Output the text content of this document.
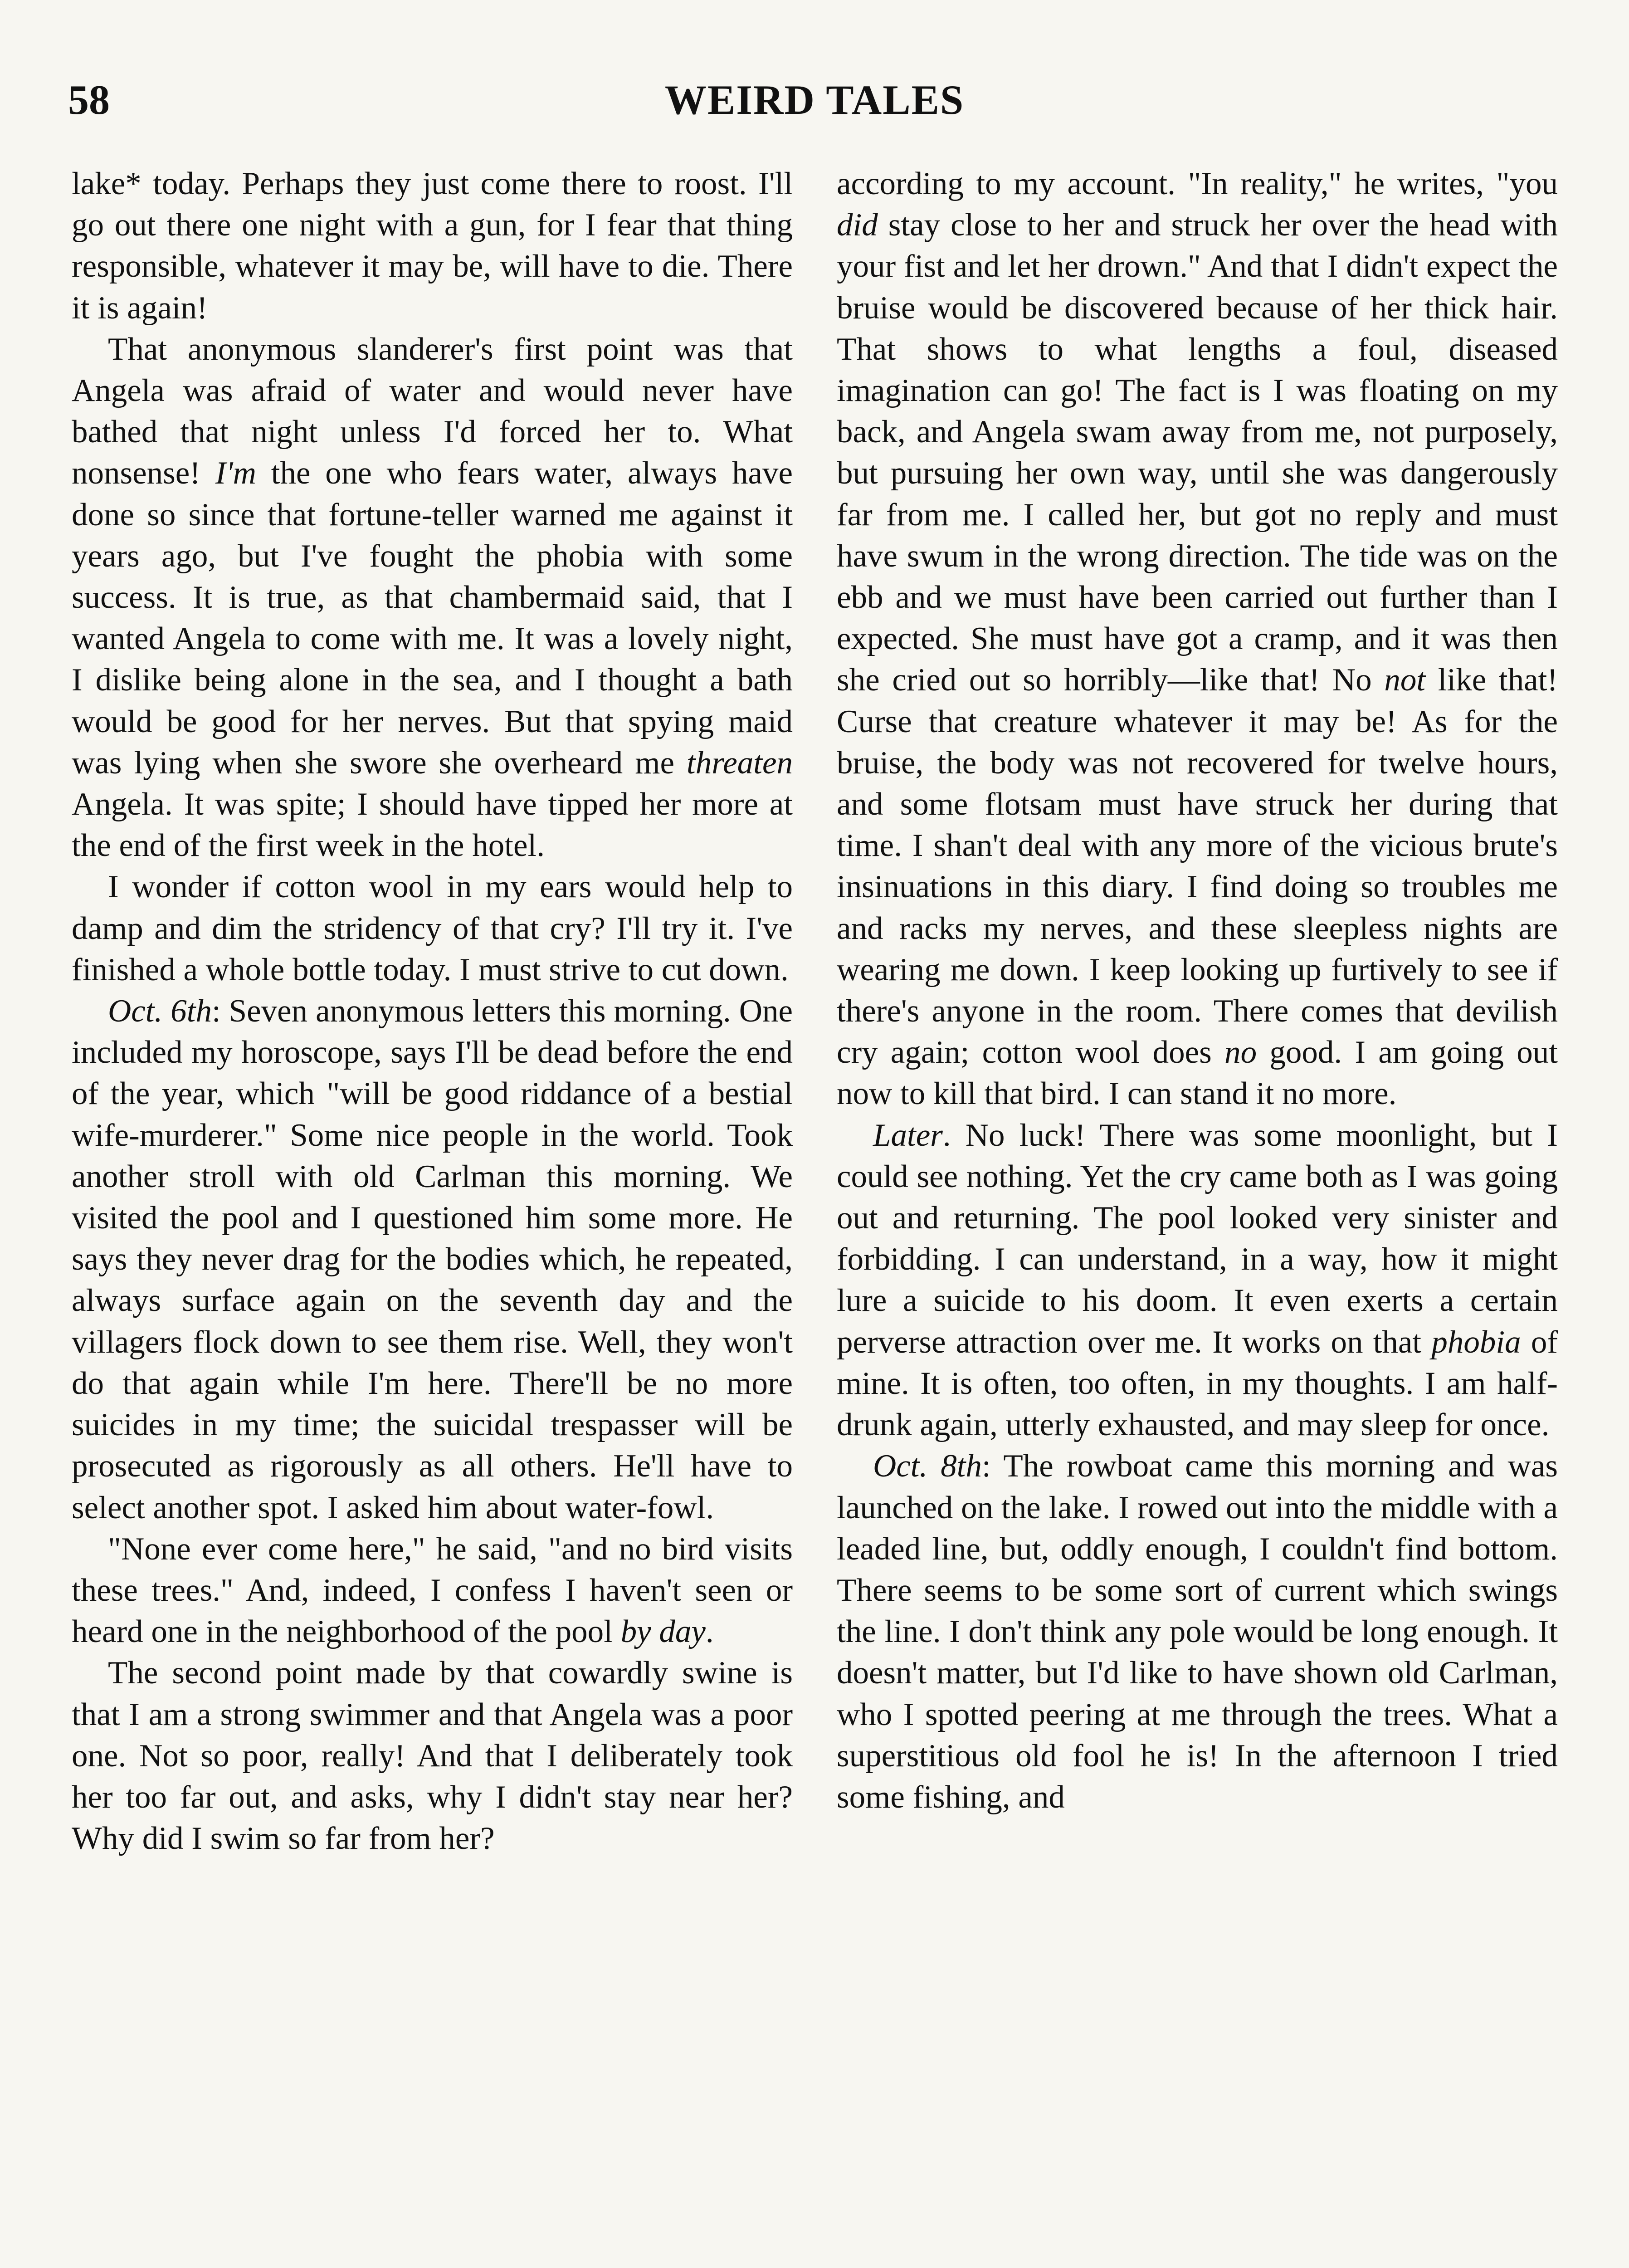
58	WEIRD TALES

lake* today. Perhaps they just come there to roost. I'll go out there one night with a gun, for I fear that thing responsible, whatever it may be, will have to die. There it is again!

That anonymous slanderer's first point was that Angela was afraid of water and would never have bathed that night unless I'd forced her to. What nonsense! I'm the one who fears water, always have done so since that fortune-teller warned me against it years ago, but I've fought the phobia with some success. It is true, as that chambermaid said, that I wanted Angela to come with me. It was a lovely night, I dislike being alone in the sea, and I thought a bath would be good for her nerves. But that spying maid was lying when she swore she overheard me threaten Angela. It was spite; I should have tipped her more at the end of the first week in the hotel.

I wonder if cotton wool in my ears would help to damp and dim the stridency of that cry? I'll try it. I've finished a whole bottle today. I must strive to cut down.

Oct. 6th: Seven anonymous letters this morning. One included my horoscope, says I'll be dead before the end of the year, which "will be good riddance of a bestial wife-murderer." Some nice people in the world. Took another stroll with old Carlman this morning. We visited the pool and I questioned him some more. He says they never drag for the bodies which, he repeated, always surface again on the seventh day and the villagers flock down to see them rise. Well, they won't do that again while I'm here. There'll be no more suicides in my time; the suicidal trespasser will be prosecuted as rigorously as all others. He'll have to select another spot. I asked him about water-fowl.

"None ever come here," he said, "and no bird visits these trees." And, indeed, I confess I haven't seen or heard one in the neighborhood of the pool by day.

The second point made by that cowardly swine is that I am a strong swimmer and that Angela was a poor one. Not so poor, really! And that I deliberately took her too far out, and asks, why I didn't stay near her? Why did I swim so far from her?

according to my account. "In reality," he writes, "you did stay close to her and struck her over the head with your fist and let her drown." And that I didn't expect the bruise would be discovered because of her thick hair. That shows to what lengths a foul, diseased imagination can go! The fact is I was floating on my back, and Angela swam away from me, not purposely, but pursuing her own way, until she was dangerously far from me. I called her, but got no reply and must have swum in the wrong direction. The tide was on the ebb and we must have been carried out further than I expected. She must have got a cramp, and it was then she cried out so horribly—like that! No not like that! Curse that creature whatever it may be! As for the bruise, the body was not recovered for twelve hours, and some flotsam must have struck her during that time. I shan't deal with any more of the vicious brute's insinuations in this diary. I find doing so troubles me and racks my nerves, and these sleepless nights are wearing me down. I keep looking up furtively to see if there's anyone in the room. There comes that devilish cry again; cotton wool does no good. I am going out now to kill that bird. I can stand it no more.

Later. No luck! There was some moonlight, but I could see nothing. Yet the cry came both as I was going out and returning. The pool looked very sinister and forbidding. I can understand, in a way, how it might lure a suicide to his doom. It even exerts a certain perverse attraction over me. It works on that phobia of mine. It is often, too often, in my thoughts. I am half-drunk again, utterly exhausted, and may sleep for once.

Oct. 8th: The rowboat came this morning and was launched on the lake. I rowed out into the middle with a leaded line, but, oddly enough, I couldn't find bottom. There seems to be some sort of current which swings the line. I don't think any pole would be long enough. It doesn't matter, but I'd like to have shown old Carlman, who I spotted peering at me through the trees. What a superstitious old fool he is! In the afternoon I tried some fishing, and
